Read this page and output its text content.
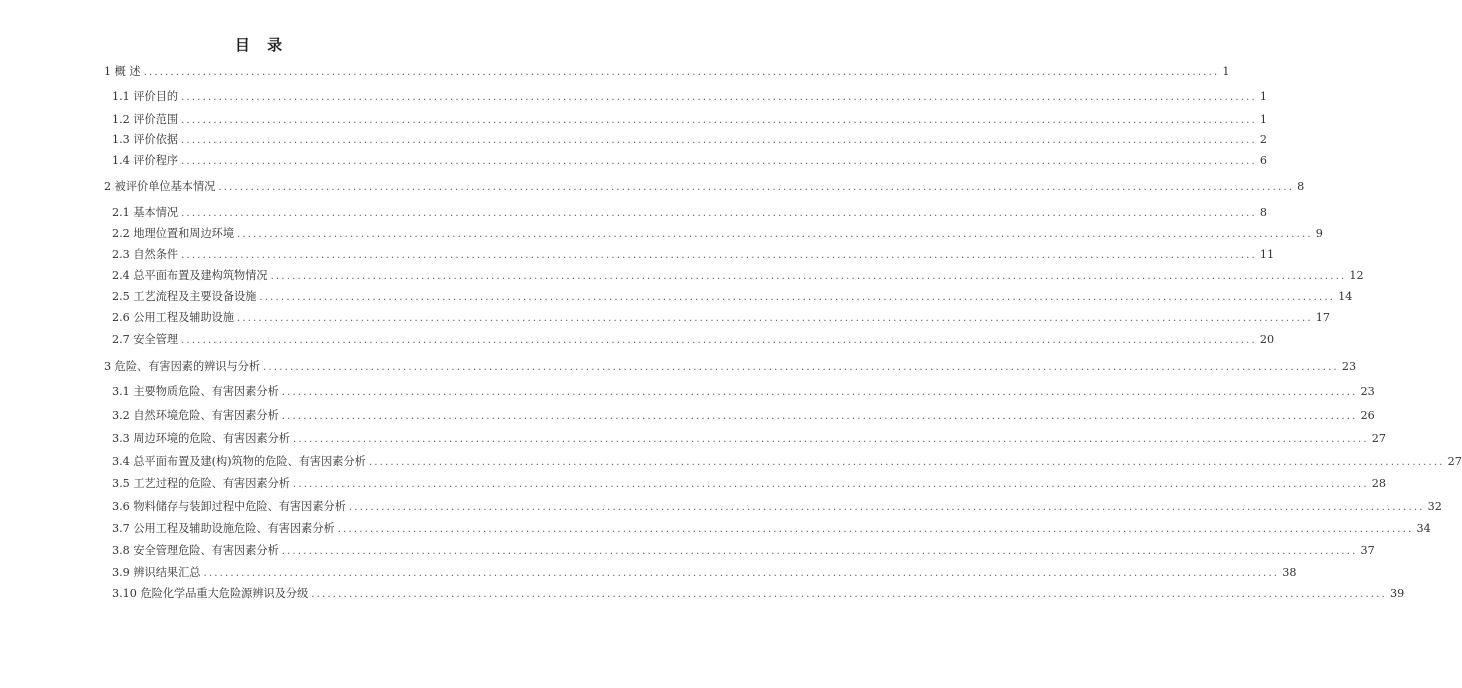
目 录
1 概 述 ........................................................................................................................................................................................................ 1
1.1 评价目的 ........................................................................................................................................................................................................ 1
1.2 评价范围 ........................................................................................................................................................................................................ 1
1.3 评价依据 ........................................................................................................................................................................................................ 2
1.4 评价程序 ........................................................................................................................................................................................................ 6
2 被评价单位基本情况 ........................................................................................................................................................................................................ 8
2.1 基本情况 ........................................................................................................................................................................................................ 8
2.2 地理位置和周边环境 ........................................................................................................................................................................................................ 9
2.3 自然条件 ........................................................................................................................................................................................................ 11
2.4 总平面布置及建构筑物情况 ........................................................................................................................................................................................................ 12
2.5 工艺流程及主要设备设施 ........................................................................................................................................................................................................ 14
2.6 公用工程及辅助设施 ........................................................................................................................................................................................................ 17
2.7 安全管理 ........................................................................................................................................................................................................ 20
3 危险、有害因素的辨识与分析 ........................................................................................................................................................................................................ 23
3.1 主要物质危险、有害因素分析 ........................................................................................................................................................................................................ 23
3.2 自然环境危险、有害因素分析 ........................................................................................................................................................................................................ 26
3.3 周边环境的危险、有害因素分析 ........................................................................................................................................................................................................ 27
3.4 总平面布置及建(构)筑物的危险、有害因素分析 ........................................................................................................................................................................................................ 27
3.5 工艺过程的危险、有害因素分析 ........................................................................................................................................................................................................ 28
3.6 物料储存与装卸过程中危险、有害因素分析 ........................................................................................................................................................................................................ 32
3.7 公用工程及辅助设施危险、有害因素分析 ........................................................................................................................................................................................................ 34
3.8 安全管理危险、有害因素分析 ........................................................................................................................................................................................................ 37
3.9 辨识结果汇总 ........................................................................................................................................................................................................ 38
3.10 危险化学品重大危险源辨识及分级 ........................................................................................................................................................................................................ 39
